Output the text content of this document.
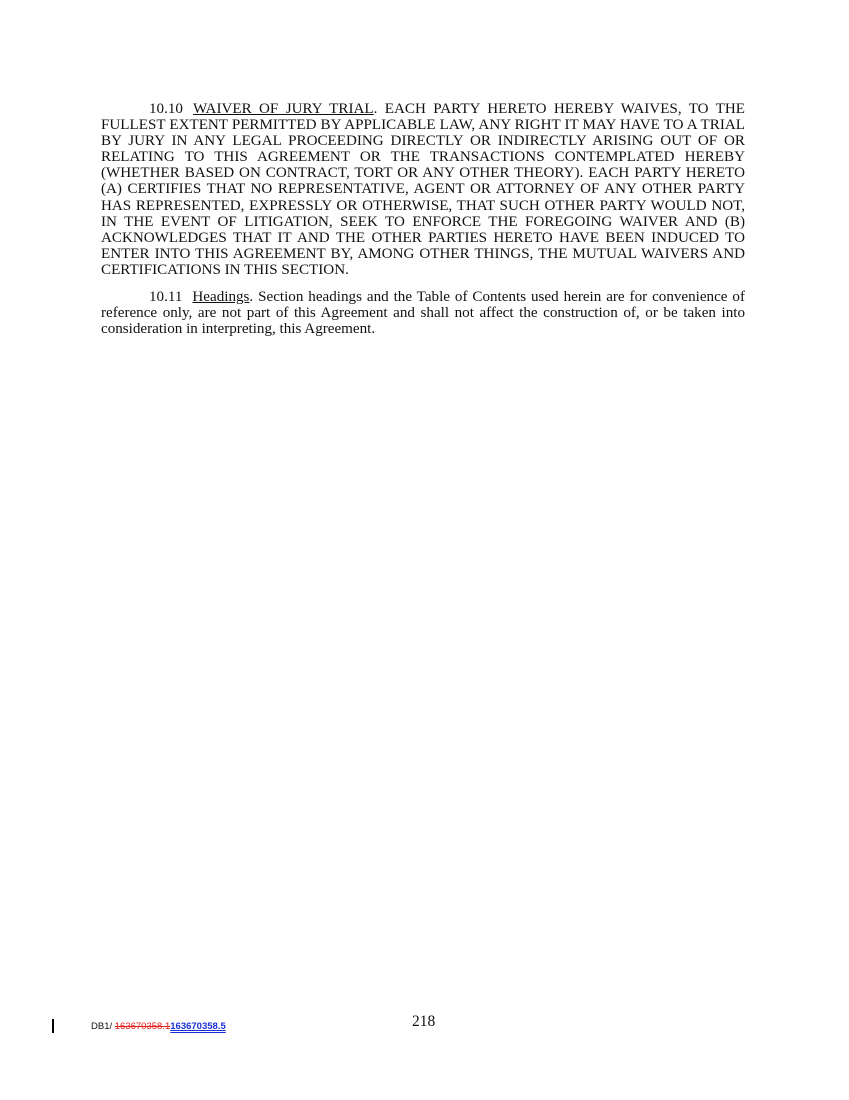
10.10 WAIVER OF JURY TRIAL. EACH PARTY HERETO HEREBY WAIVES, TO THE FULLEST EXTENT PERMITTED BY APPLICABLE LAW, ANY RIGHT IT MAY HAVE TO A TRIAL BY JURY IN ANY LEGAL PROCEEDING DIRECTLY OR INDIRECTLY ARISING OUT OF OR RELATING TO THIS AGREEMENT OR THE TRANSACTIONS CONTEMPLATED HEREBY (WHETHER BASED ON CONTRACT, TORT OR ANY OTHER THEORY). EACH PARTY HERETO (A) CERTIFIES THAT NO REPRESENTATIVE, AGENT OR ATTORNEY OF ANY OTHER PARTY HAS REPRESENTED, EXPRESSLY OR OTHERWISE, THAT SUCH OTHER PARTY WOULD NOT, IN THE EVENT OF LITIGATION, SEEK TO ENFORCE THE FOREGOING WAIVER AND (B) ACKNOWLEDGES THAT IT AND THE OTHER PARTIES HERETO HAVE BEEN INDUCED TO ENTER INTO THIS AGREEMENT BY, AMONG OTHER THINGS, THE MUTUAL WAIVERS AND CERTIFICATIONS IN THIS SECTION.

10.11 Headings. Section headings and the Table of Contents used herein are for convenience of reference only, are not part of this Agreement and shall not affect the construction of, or be taken into consideration in interpreting, this Agreement.

DB1/ 163670358.1163670358.5	218
